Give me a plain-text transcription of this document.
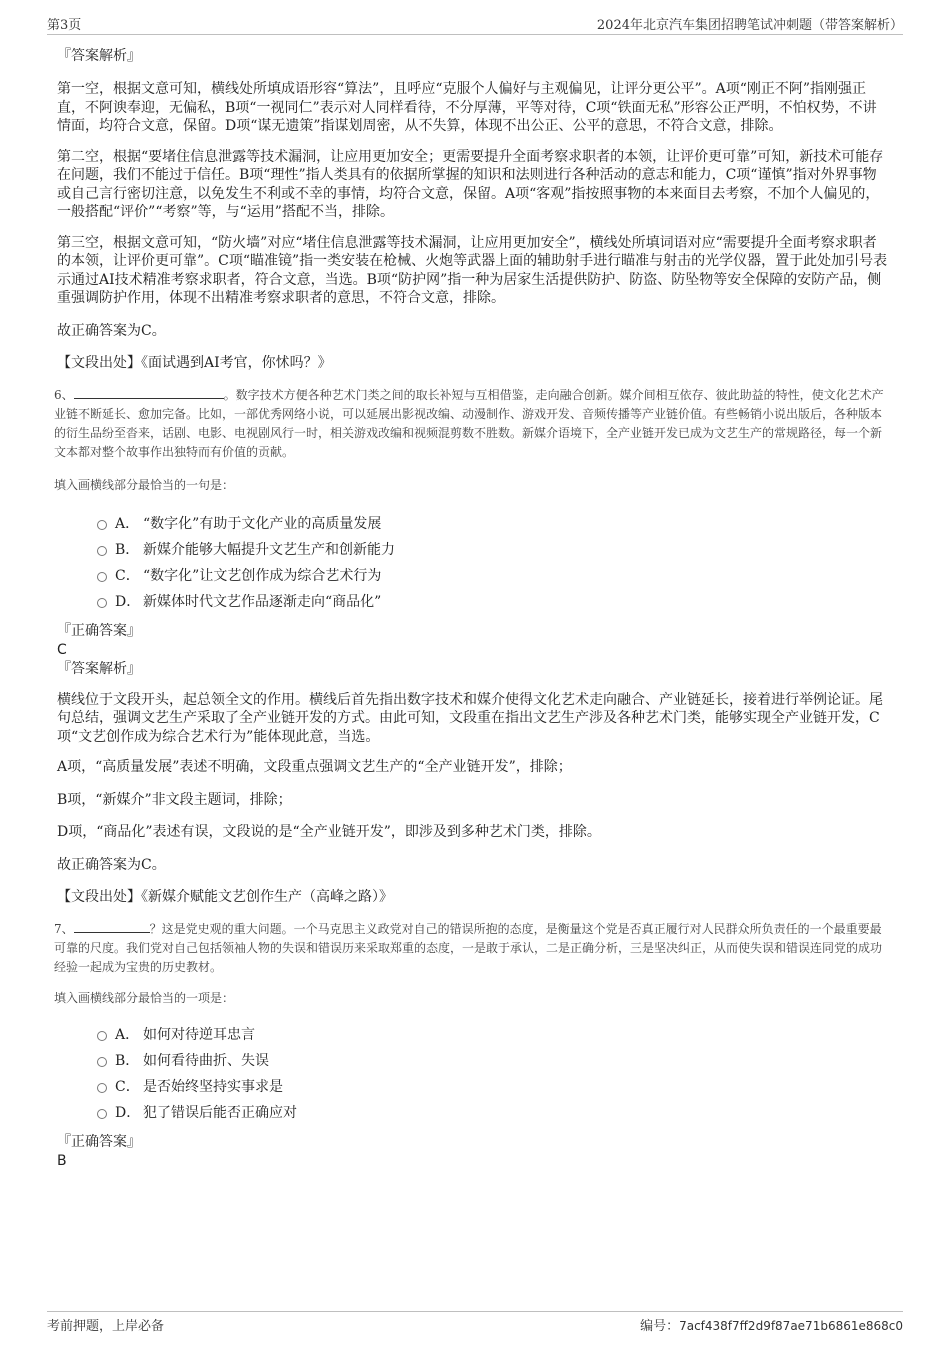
第3页	2024年北京汽车集团招聘笔试冲刺题（带答案解析）

『答案解析』

第一空，根据文意可知，横线处所填成语形容“算法”，且呼应“克服个人偏好与主观偏见，让评分更公平”。A项“刚正不阿”指刚强正直，不阿谀奉迎，无偏私，B项“一视同仁”表示对人同样看待，不分厚薄，平等对待，C项“铁面无私”形容公正严明，不怕权势，不讲情面，均符合文意，保留。D项“谋无遗策”指谋划周密，从不失算，体现不出公正、公平的意思，不符合文意，排除。

第二空，根据“要堵住信息泄露等技术漏洞，让应用更加安全；更需要提升全面考察求职者的本领，让评价更可靠”可知，新技术可能存在问题，我们不能过于信任。B项“理性”指人类具有的依据所掌握的知识和法则进行各种活动的意志和能力，C项“谨慎”指对外界事物或自己言行密切注意，以免发生不利或不幸的事情，均符合文意，保留。A项“客观”指按照事物的本来面目去考察，不加个人偏见的，一般搭配“评价”“考察”等，与“运用”搭配不当，排除。

第三空，根据文意可知，“防火墙”对应“堵住信息泄露等技术漏洞，让应用更加安全”，横线处所填词语对应“需要提升全面考察求职者的本领，让评价更可靠”。C项“瞄准镜”指一类安装在枪械、火炮等武器上面的辅助射手进行瞄准与射击的光学仪器，置于此处加引号表示通过AI技术精准考察求职者，符合文意，当选。B项“防护网”指一种为居家生活提供防护、防盗、防坠物等安全保障的安防产品，侧重强调防护作用，体现不出精准考察求职者的意思，不符合文意，排除。

故正确答案为C。

【文段出处】《面试遇到AI考官，你怵吗？》

6、	。数字技术方便各种艺术门类之间的取长补短与互相借鉴，走向融合创新。媒介间相互依存、彼此助益的特性，使文化艺术产业链不断延长、愈加完备。比如，一部优秀网络小说，可以延展出影视改编、动漫制作、游戏开发、音频传播等产业链价值。有些畅销小说出版后，各种版本的衍生品纷至沓来，话剧、电影、电视剧风行一时，相关游戏改编和视频混剪数不胜数。新媒介语境下，全产业链开发已成为文艺生产的常规路径，每一个新文本都对整个故事作出独特而有价值的贡献。

填入画横线部分最恰当的一句是：

A． “数字化”有助于文化产业的高质量发展
B． 新媒介能够大幅提升文艺生产和创新能力
C． “数字化”让文艺创作成为综合艺术行为
D． 新媒体时代文艺作品逐渐走向“商品化”

『正确答案』

C

『答案解析』

横线位于文段开头，起总领全文的作用。横线后首先指出数字技术和媒介使得文化艺术走向融合、产业链延长，接着进行举例论证。尾句总结，强调文艺生产采取了全产业链开发的方式。由此可知，文段重在指出文艺生产涉及各种艺术门类，能够实现全产业链开发，C项“文艺创作成为综合艺术行为”能体现此意，当选。

A项，“高质量发展”表述不明确，文段重点强调文艺生产的“全产业链开发”，排除；

B项，“新媒介”非文段主题词，排除；

D项，“商品化”表述有误，文段说的是“全产业链开发”，即涉及到多种艺术门类，排除。

故正确答案为C。

【文段出处】《新媒介赋能文艺创作生产（高峰之路）》

7、	？这是党史观的重大问题。一个马克思主义政党对自己的错误所抱的态度，是衡量这个党是否真正履行对人民群众所负责任的一个最重要最可靠的尺度。我们党对自己包括领袖人物的失误和错误历来采取郑重的态度，一是敢于承认，二是正确分析，三是坚决纠正，从而使失误和错误连同党的成功经验一起成为宝贵的历史教材。

填入画横线部分最恰当的一项是：

A． 如何对待逆耳忠言
B． 如何看待曲折、失误
C． 是否始终坚持实事求是
D． 犯了错误后能否正确应对

『正确答案』

B

考前押题，上岸必备	编号：7acf438f7ff2d9f87ae71b6861e868c0
